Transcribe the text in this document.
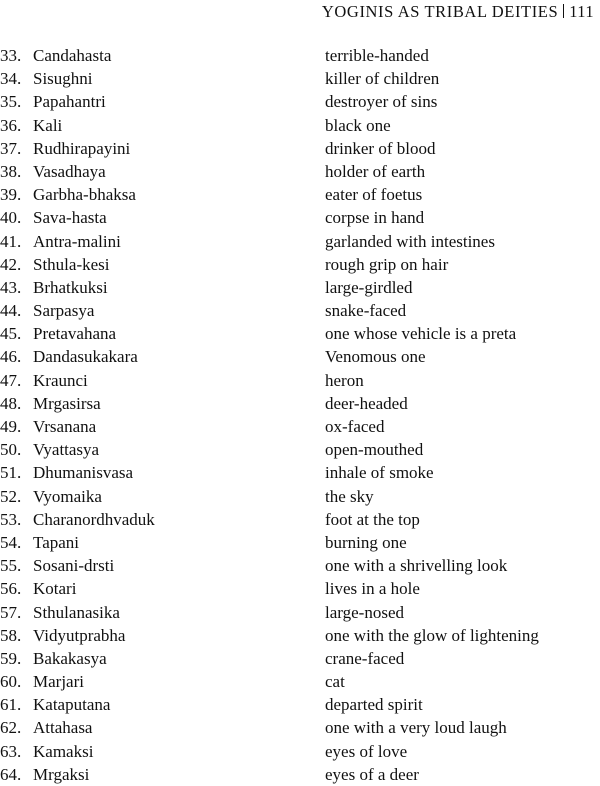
YOGINIS AS TRIBAL DEITIES 111
33. Candahasta	terrible-handed
34. Sisughni	killer of children
35. Papahantri	destroyer of sins
36. Kali	black one
37. Rudhirapayini	drinker of blood
38. Vasadhaya	holder of earth
39. Garbha-bhaksa	eater of foetus
40. Sava-hasta	corpse in hand
41. Antra-malini	garlanded with intestines
42. Sthula-kesi	rough grip on hair
43. Brhatkuksi	large-girdled
44. Sarpasya	snake-faced
45. Pretavahana	one whose vehicle is a preta
46. Dandasukakara	Venomous one
47. Kraunci	heron
48. Mrgasirsa	deer-headed
49. Vrsanana	ox-faced
50. Vyattasya	open-mouthed
51. Dhumanisvasa	inhale of smoke
52. Vyomaika	the sky
53. Charanordhvaduk	foot at the top
54. Tapani	burning one
55. Sosani-drsti	one with a shrivelling look
56. Kotari	lives in a hole
57. Sthulanasika	large-nosed
58. Vidyutprabha	one with the glow of lightening
59. Bakakasya	crane-faced
60. Marjari	cat
61. Kataputana	departed spirit
62. Attahasa	one with a very loud laugh
63. Kamaksi	eyes of love
64. Mrgaksi	eyes of a deer
